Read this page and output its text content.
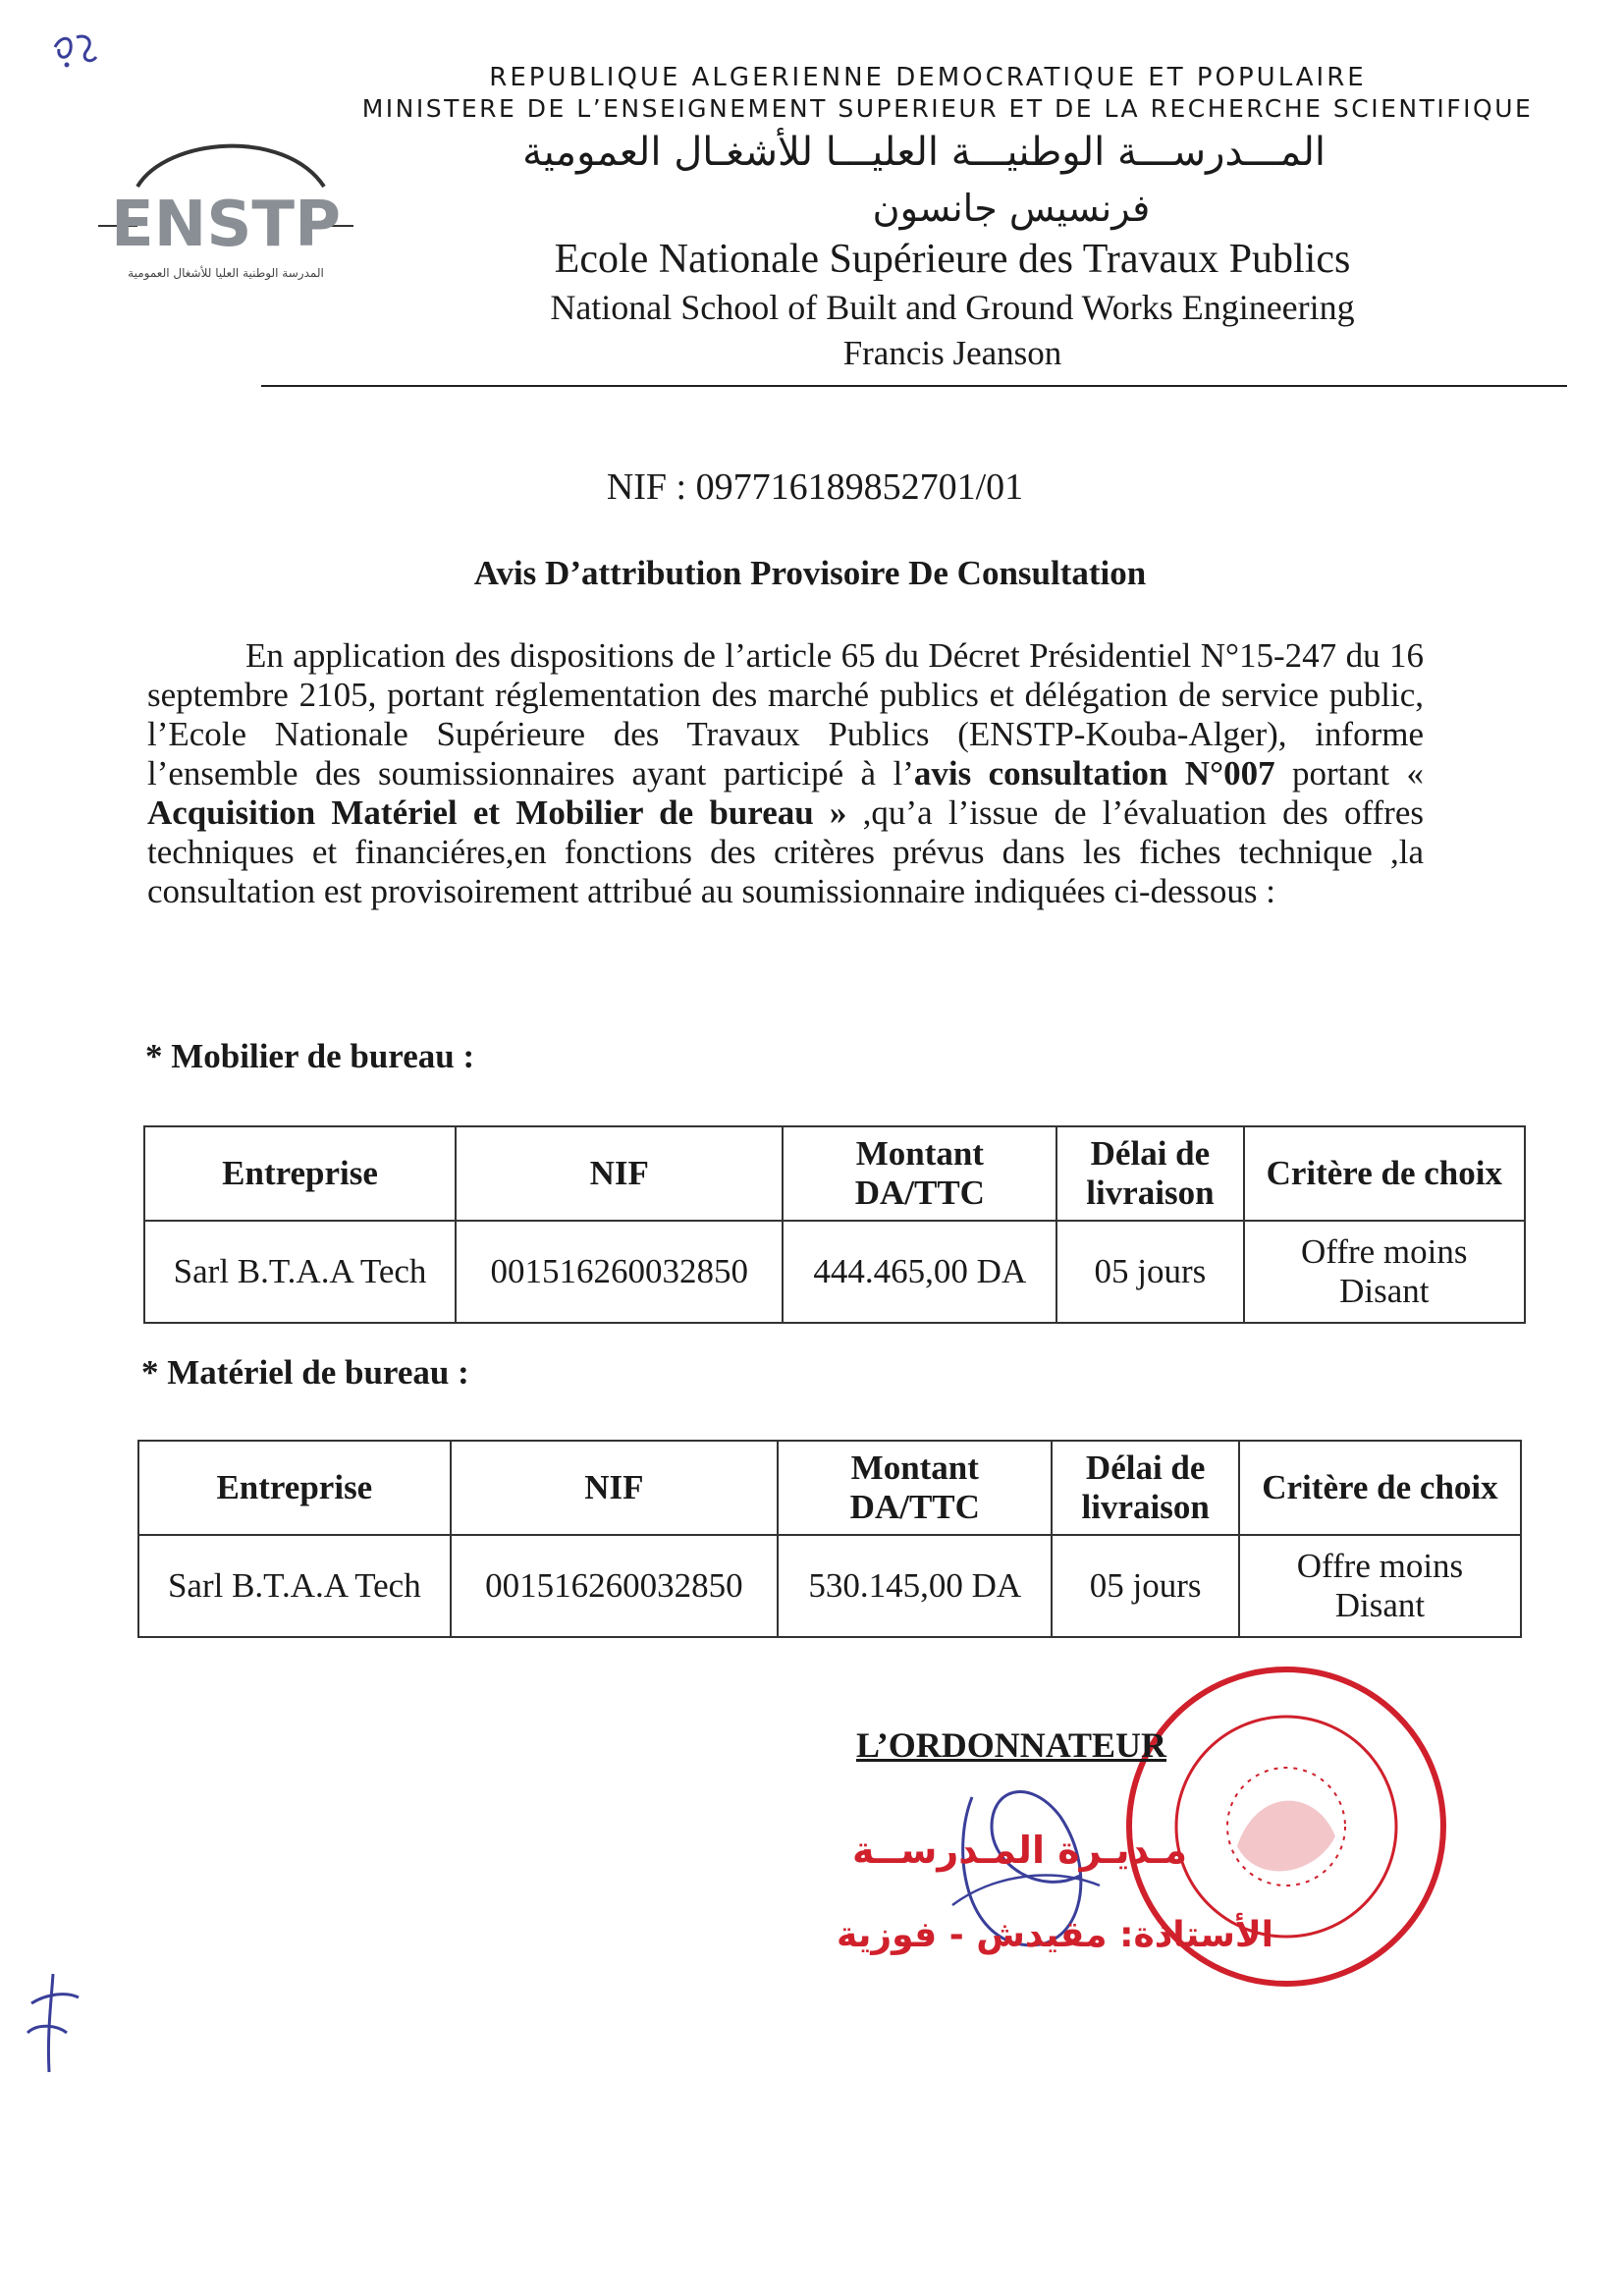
ENSTP
المدرسة الوطنية العليا للأشغال العمومية
REPUBLIQUE ALGERIENNE DEMOCRATIQUE ET POPULAIRE
MINISTERE DE L’ENSEIGNEMENT SUPERIEUR ET DE LA RECHERCHE SCIENTIFIQUE
المـــدرســـة الوطنيـــة العليـــا للأشغـال العمومية
فرنسيس جانسون
Ecole Nationale Supérieure des Travaux Publics
National School of Built and Ground Works Engineering
Francis Jeanson
NIF : 097716189852701/01
Avis D’attribution Provisoire De Consultation
En application des dispositions de l’article 65 du Décret Présidentiel N°15-247 du 16 septembre 2105, portant réglementation des marché publics et délégation de service public, l’Ecole Nationale Supérieure des Travaux Publics (ENSTP-Kouba-Alger), informe l’ensemble des soumissionnaires ayant participé à l’avis consultation N°007 portant « Acquisition Matériel et Mobilier de bureau » ,qu’a l’issue de l’évaluation des offres techniques et financiéres,en fonctions des critères prévus dans les fiches technique ,la consultation est provisoirement attribué au soumissionnaire indiquées ci-dessous :
* Mobilier de bureau :
Entreprise	NIF	Montant DA/TTC	Délai de livraison	Critère de choix
Sarl B.T.A.A Tech	001516260032850	444.465,00 DA	05 jours	Offre moins Disant
* Matériel de bureau :
Entreprise	NIF	Montant DA/TTC	Délai de livraison	Critère de choix
Sarl B.T.A.A Tech	001516260032850	530.145,00 DA	05 jours	Offre moins Disant
L’ORDONNATEUR
مـديـرة المـدرســة
الأستاذة: مقيدش - فوزية
